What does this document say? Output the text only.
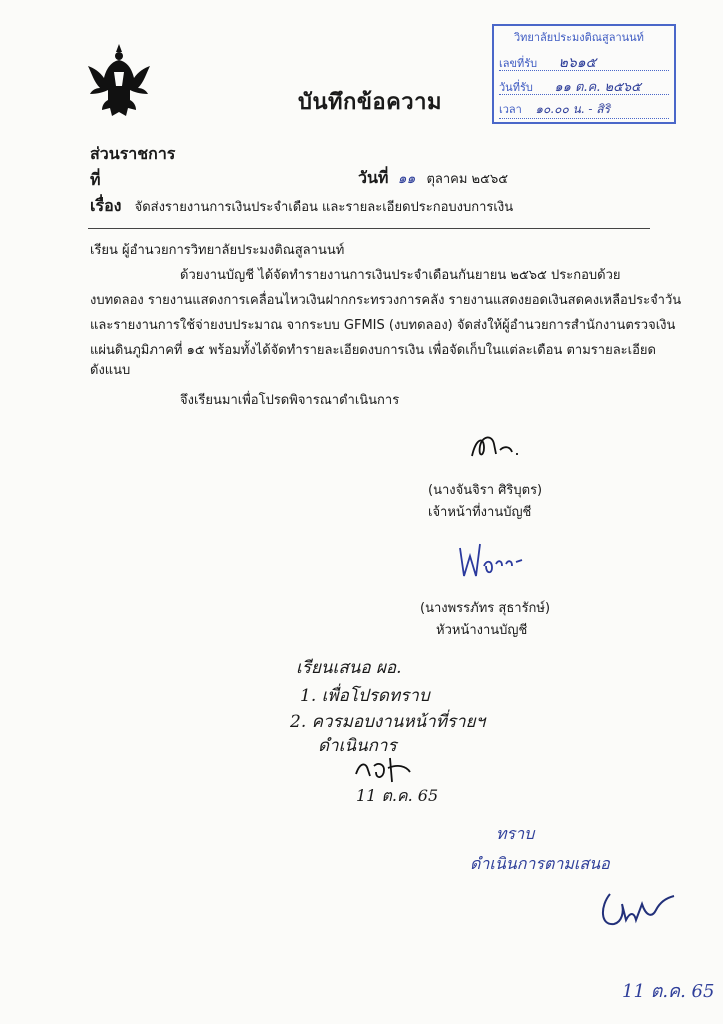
วิทยาลัยประมงติณสูลานนท์
เลขที่รับ ๒๖๑๕
วันที่รับ ๑๑ ต.ค. ๒๕๖๕
เวลา ๑๐.๐๐ น. - สิริ
บันทึกข้อความ
ส่วนราชการ
ที่	วันที่ ๑๑ ตุลาคม ๒๕๖๕
เรื่อง จัดส่งรายงานการเงินประจำเดือน และรายละเอียดประกอบงบการเงิน
เรียน ผู้อำนวยการวิทยาลัยประมงติณสูลานนท์
ด้วยงานบัญชี ได้จัดทำรายงานการเงินประจำเดือนกันยายน ๒๕๖๕ ประกอบด้วย
งบทดลอง รายงานแสดงการเคลื่อนไหวเงินฝากกระทรวงการคลัง รายงานแสดงยอดเงินสดคงเหลือประจำวัน
และรายงานการใช้จ่ายงบประมาณ จากระบบ GFMIS (งบทดลอง) จัดส่งให้ผู้อำนวยการสำนักงานตรวจเงิน
แผ่นดินภูมิภาคที่ ๑๕ พร้อมทั้งได้จัดทำรายละเอียดงบการเงิน เพื่อจัดเก็บในแต่ละเดือน ตามรายละเอียด
ดังแนบ
จึงเรียนมาเพื่อโปรดพิจารณาดำเนินการ
(นางจันจิรา ศิริบุตร)
เจ้าหน้าที่งานบัญชี
(นางพรรภัทร สุธารักษ์)
หัวหน้างานบัญชี
เรียนเสนอ ผอ.
1. เพื่อโปรดทราบ
2. ควรมอบงานหน้าที่รายฯ
ดำเนินการ
11 ต.ค. 65
ทราบ
ดำเนินการตามเสนอ
11 ต.ค. 65
